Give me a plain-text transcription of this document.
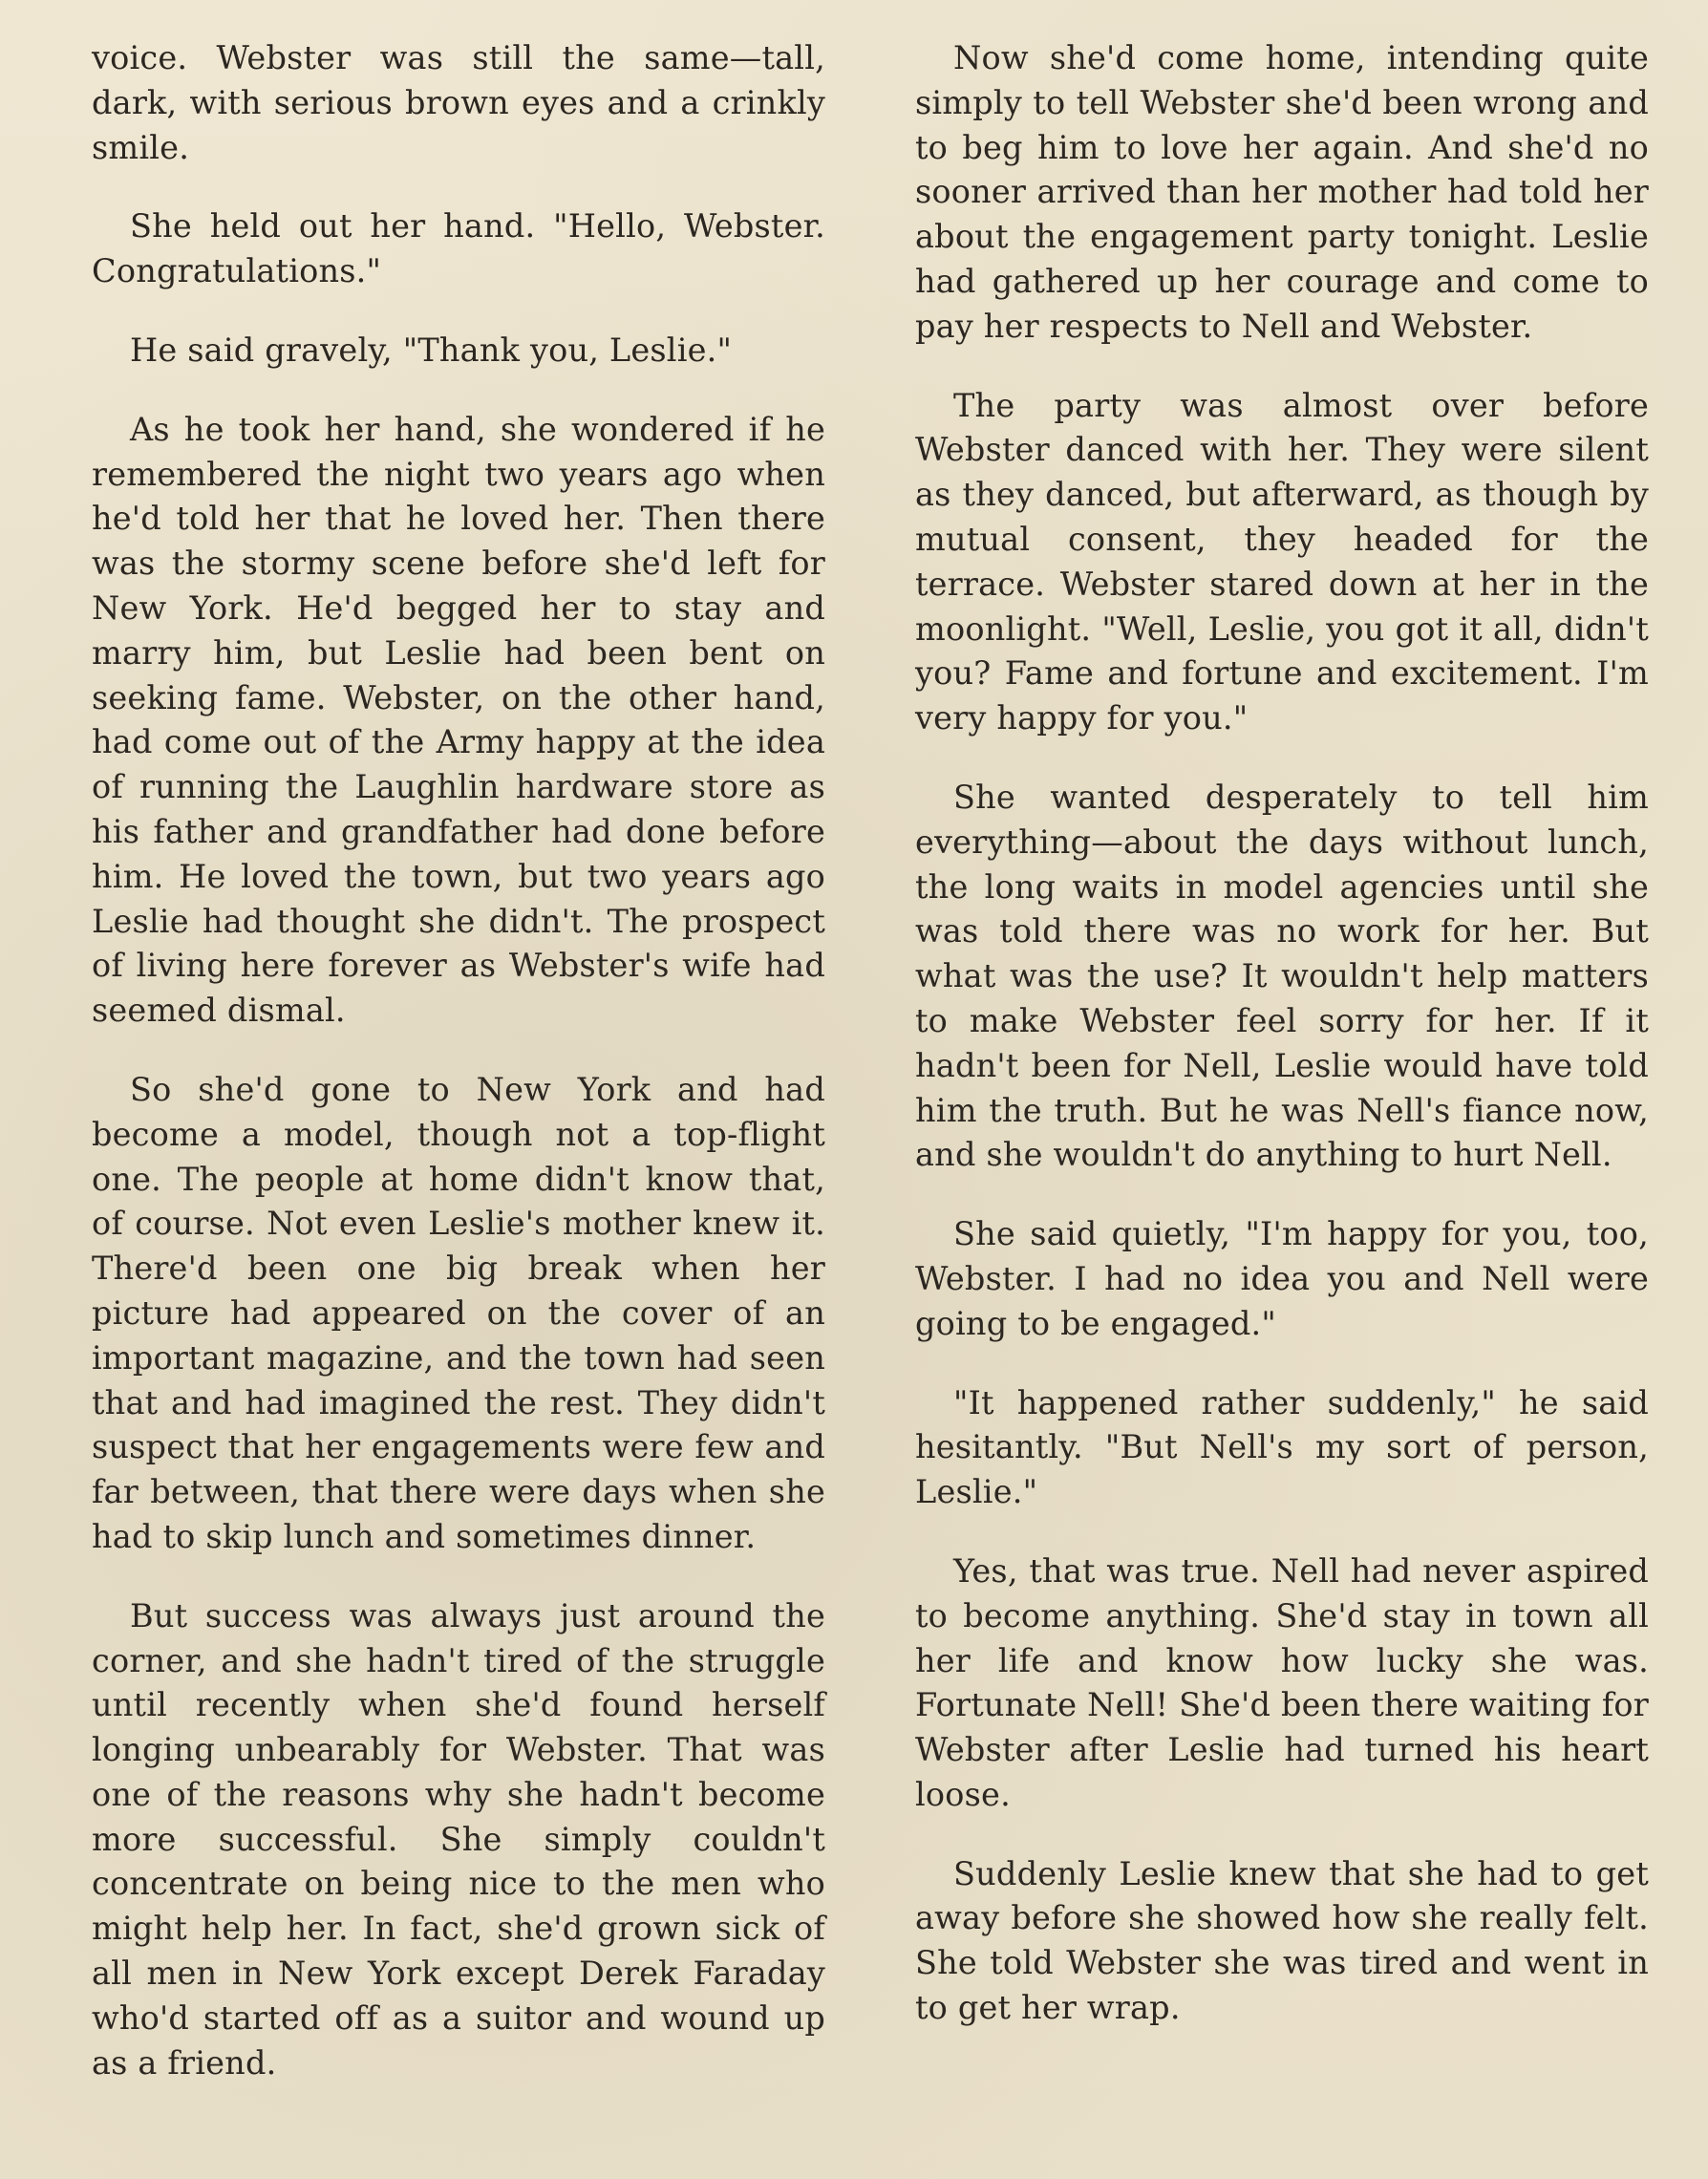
voice. Webster was still the same—tall, dark, with serious brown eyes and a crinkly smile.

She held out her hand. "Hello, Webster. Congratulations."

He said gravely, "Thank you, Leslie."

As he took her hand, she wondered if he remembered the night two years ago when he'd told her that he loved her. Then there was the stormy scene before she'd left for New York. He'd begged her to stay and marry him, but Leslie had been bent on seeking fame. Webster, on the other hand, had come out of the Army happy at the idea of running the Laughlin hardware store as his father and grandfather had done before him. He loved the town, but two years ago Leslie had thought she didn't. The prospect of living here forever as Webster's wife had seemed dismal.

So she'd gone to New York and had become a model, though not a top-flight one. The people at home didn't know that, of course. Not even Leslie's mother knew it. There'd been one big break when her picture had appeared on the cover of an important magazine, and the town had seen that and had imagined the rest. They didn't suspect that her engagements were few and far between, that there were days when she had to skip lunch and sometimes dinner.

But success was always just around the corner, and she hadn't tired of the struggle until recently when she'd found herself longing unbearably for Webster. That was one of the reasons why she hadn't become more successful. She simply couldn't concentrate on being nice to the men who might help her. In fact, she'd grown sick of all men in New York except Derek Faraday who'd started off as a suitor and wound up as a friend.

Now she'd come home, intending quite simply to tell Webster she'd been wrong and to beg him to love her again. And she'd no sooner arrived than her mother had told her about the engagement party tonight. Leslie had gathered up her courage and come to pay her respects to Nell and Webster.

The party was almost over before Webster danced with her. They were silent as they danced, but afterward, as though by mutual consent, they headed for the terrace. Webster stared down at her in the moonlight. "Well, Leslie, you got it all, didn't you? Fame and fortune and excitement. I'm very happy for you."

She wanted desperately to tell him everything—about the days without lunch, the long waits in model agencies until she was told there was no work for her. But what was the use? It wouldn't help matters to make Webster feel sorry for her. If it hadn't been for Nell, Leslie would have told him the truth. But he was Nell's fiance now, and she wouldn't do anything to hurt Nell.

She said quietly, "I'm happy for you, too, Webster. I had no idea you and Nell were going to be engaged."

"It happened rather suddenly," he said hesitantly. "But Nell's my sort of person, Leslie."

Yes, that was true. Nell had never aspired to become anything. She'd stay in town all her life and know how lucky she was. Fortunate Nell! She'd been there waiting for Webster after Leslie had turned his heart loose.

Suddenly Leslie knew that she had to get away before she showed how she really felt. She told Webster she was tired and went in to get her wrap.
